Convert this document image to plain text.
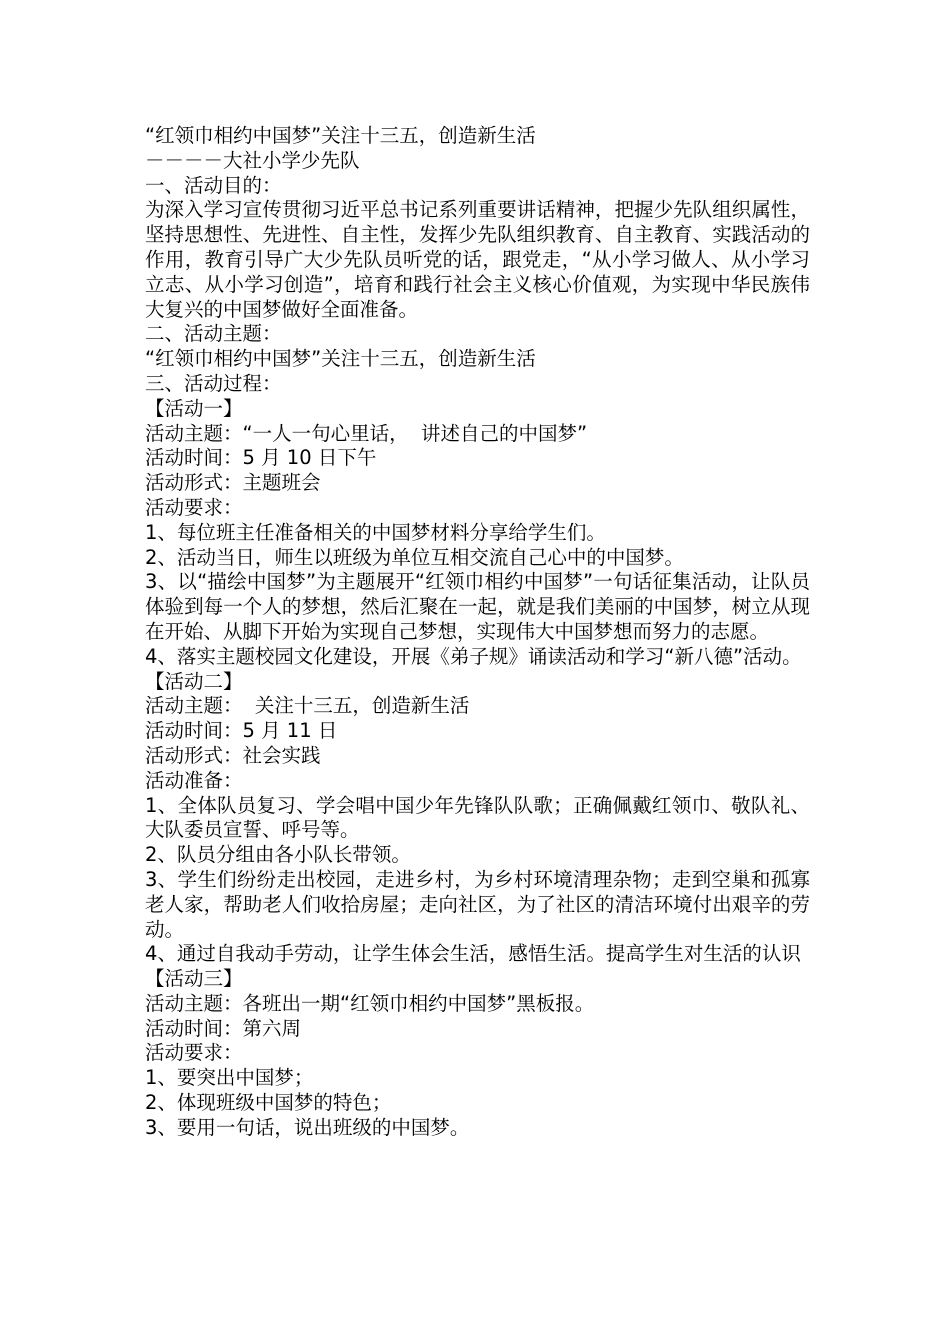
“红领巾相约中国梦”关注十三五，创造新生活
－－－－大社小学少先队
一、活动目的：
为深入学习宣传贯彻习近平总书记系列重要讲话精神，把握少先队组织属性，坚持思想性、先进性、自主性，发挥少先队组织教育、自主教育、实践活动的作用，教育引导广大少先队员听党的话，跟党走，“从小学习做人、从小学习立志、从小学习创造”，培育和践行社会主义核心价值观，为实现中华民族伟大复兴的中国梦做好全面准备。
二、活动主题：
“红领巾相约中国梦”关注十三五，创造新生活
三、活动过程：
【活动一】
活动主题：“一人一句心里话，  讲述自己的中国梦”
活动时间：5 月 10 日下午
活动形式：主题班会
活动要求：
1、每位班主任准备相关的中国梦材料分享给学生们。
2、活动当日，师生以班级为单位互相交流自己心中的中国梦。
3、以“描绘中国梦”为主题展开“红领巾相约中国梦”一句话征集活动，让队员体验到每一个人的梦想，然后汇聚在一起，就是我们美丽的中国梦，树立从现在开始、从脚下开始为实现自己梦想，实现伟大中国梦想而努力的志愿。
4、落实主题校园文化建设，开展《弟子规》诵读活动和学习“新八德”活动。
【活动二】
活动主题：  关注十三五，创造新生活
活动时间：5 月 11 日
活动形式：社会实践
活动准备：
1、全体队员复习、学会唱中国少年先锋队队歌；正确佩戴红领巾、敬队礼、大队委员宣誓、呼号等。
2、队员分组由各小队长带领。
3、学生们纷纷走出校园，走进乡村，为乡村环境清理杂物；走到空巢和孤寡老人家，帮助老人们收拾房屋；走向社区，为了社区的清洁环境付出艰辛的劳动。
4、通过自我动手劳动，让学生体会生活，感悟生活。提高学生对生活的认识
【活动三】
活动主题：各班出一期“红领巾相约中国梦”黑板报。
活动时间：第六周
活动要求：
1、要突出中国梦；
2、体现班级中国梦的特色；
3、要用一句话，说出班级的中国梦。
